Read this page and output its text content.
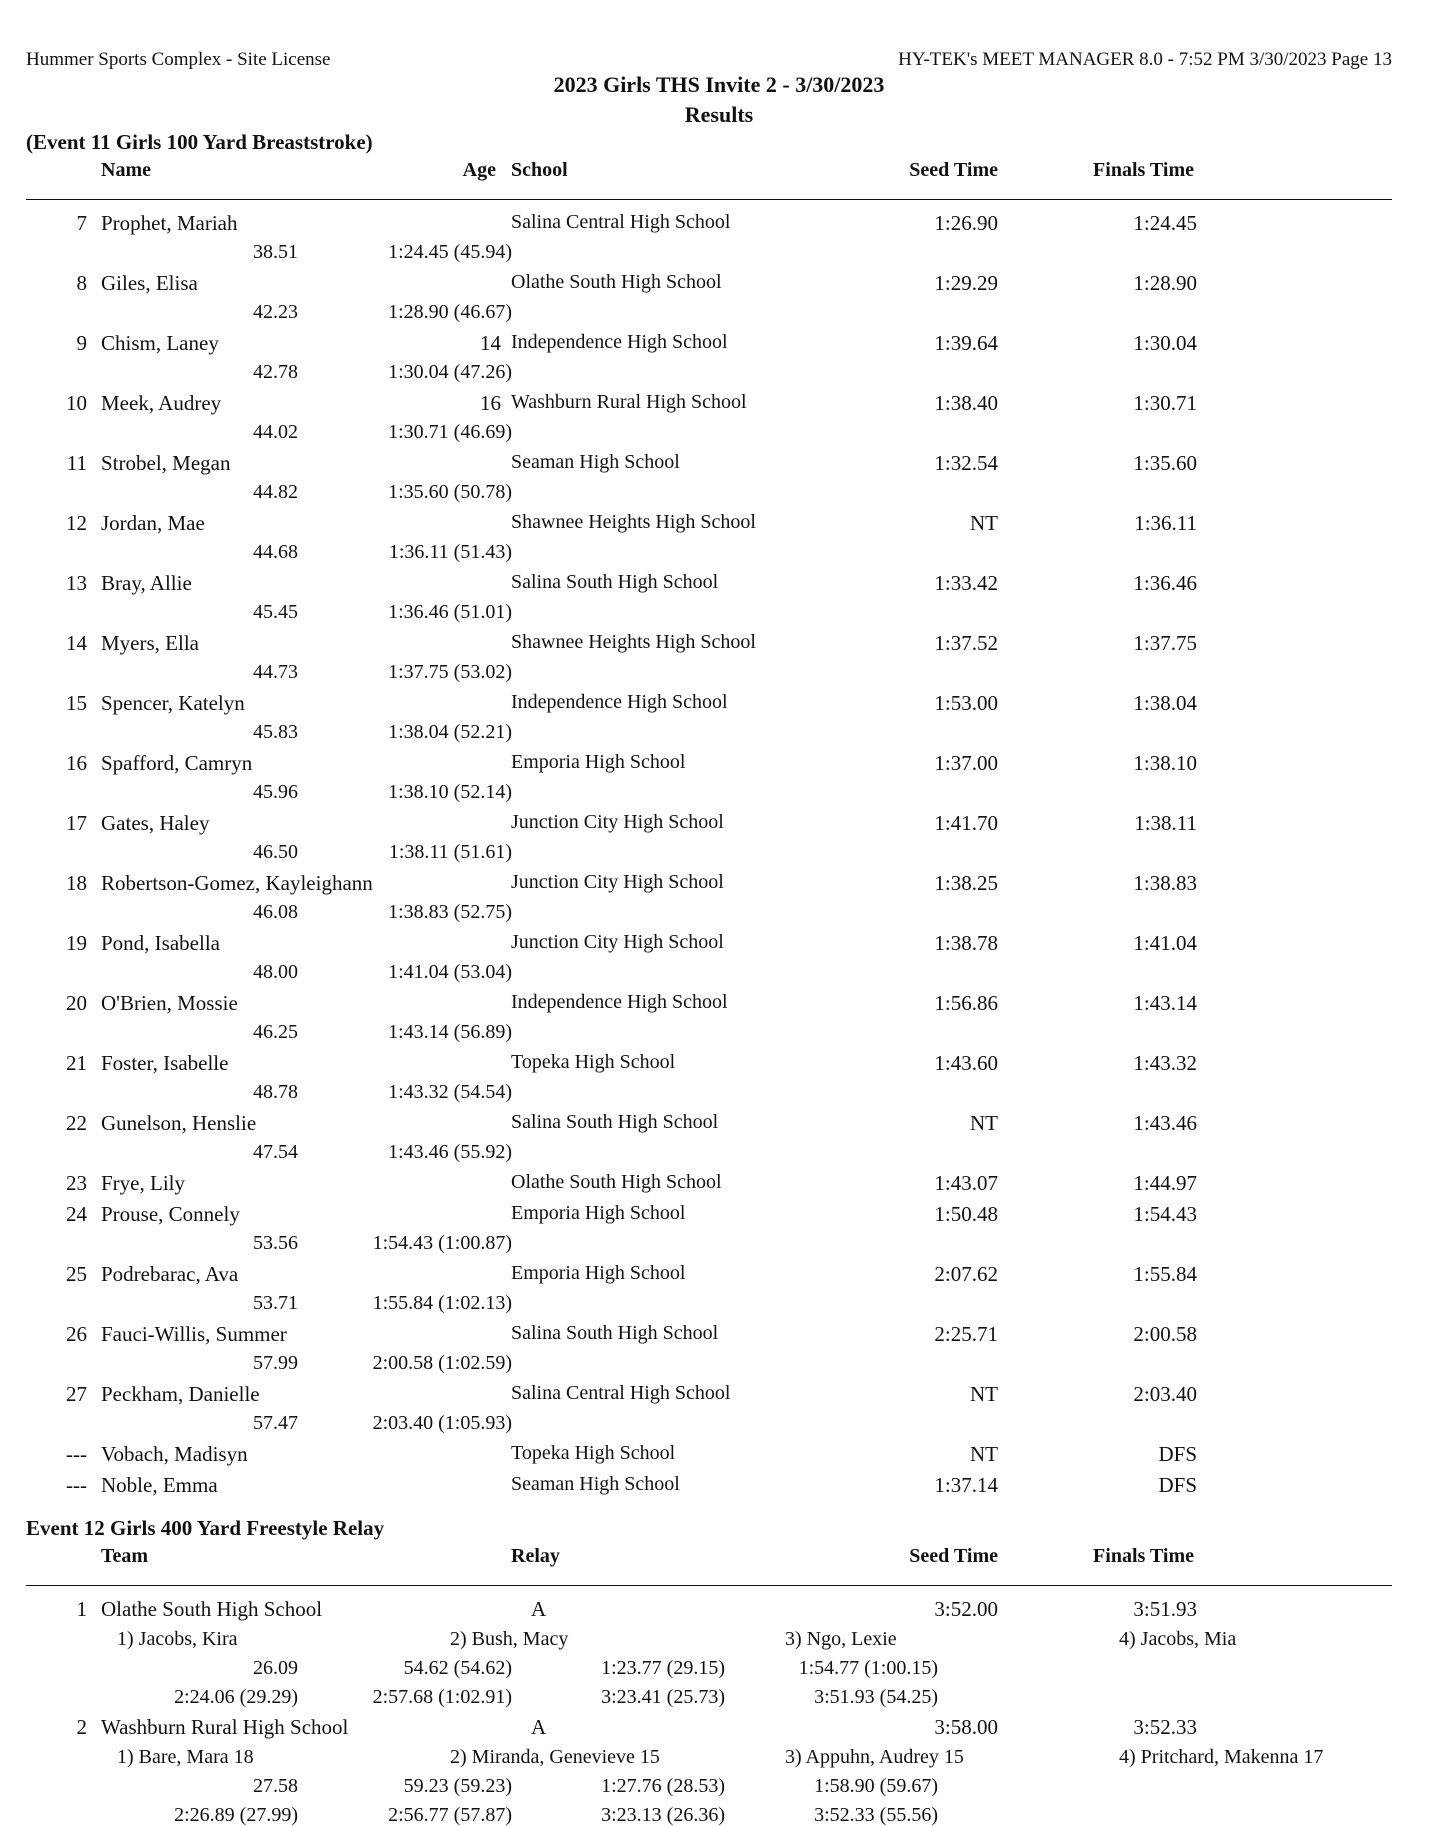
Hummer Sports Complex - Site License	HY-TEK's MEET MANAGER 8.0 - 7:52 PM 3/30/2023 Page 13
2023 Girls THS Invite 2 - 3/30/2023
Results
(Event 11 Girls 100 Yard Breaststroke)
Name	Age School	Seed Time	Finals Time
7 Prophet, Mariah	Salina Central High School	1:26.90	1:24.45
38.51	1:24.45 (45.94)
8 Giles, Elisa	Olathe South High School	1:29.29	1:28.90
42.23	1:28.90 (46.67)
9 Chism, Laney	14 Independence High School	1:39.64	1:30.04
42.78	1:30.04 (47.26)
10 Meek, Audrey	16 Washburn Rural High School	1:38.40	1:30.71
44.02	1:30.71 (46.69)
11 Strobel, Megan	Seaman High School	1:32.54	1:35.60
44.82	1:35.60 (50.78)
12 Jordan, Mae	Shawnee Heights High School	NT	1:36.11
44.68	1:36.11 (51.43)
13 Bray, Allie	Salina South High School	1:33.42	1:36.46
45.45	1:36.46 (51.01)
14 Myers, Ella	Shawnee Heights High School	1:37.52	1:37.75
44.73	1:37.75 (53.02)
15 Spencer, Katelyn	Independence High School	1:53.00	1:38.04
45.83	1:38.04 (52.21)
16 Spafford, Camryn	Emporia High School	1:37.00	1:38.10
45.96	1:38.10 (52.14)
17 Gates, Haley	Junction City High School	1:41.70	1:38.11
46.50	1:38.11 (51.61)
18 Robertson-Gomez, Kayleighann	Junction City High School	1:38.25	1:38.83
46.08	1:38.83 (52.75)
19 Pond, Isabella	Junction City High School	1:38.78	1:41.04
48.00	1:41.04 (53.04)
20 O'Brien, Mossie	Independence High School	1:56.86	1:43.14
46.25	1:43.14 (56.89)
21 Foster, Isabelle	Topeka High School	1:43.60	1:43.32
48.78	1:43.32 (54.54)
22 Gunelson, Henslie	Salina South High School	NT	1:43.46
47.54	1:43.46 (55.92)
23 Frye, Lily	Olathe South High School	1:43.07	1:44.97
24 Prouse, Connely	Emporia High School	1:50.48	1:54.43
53.56	1:54.43 (1:00.87)
25 Podrebarac, Ava	Emporia High School	2:07.62	1:55.84
53.71	1:55.84 (1:02.13)
26 Fauci-Willis, Summer	Salina South High School	2:25.71	2:00.58
57.99	2:00.58 (1:02.59)
27 Peckham, Danielle	Salina Central High School	NT	2:03.40
57.47	2:03.40 (1:05.93)
--- Vobach, Madisyn	Topeka High School	NT	DFS
--- Noble, Emma	Seaman High School	1:37.14	DFS
Event 12 Girls 400 Yard Freestyle Relay
Team	Relay	Seed Time	Finals Time
1 Olathe South High School	A	3:52.00	3:51.93
1) Jacobs, Kira	2) Bush, Macy	3) Ngo, Lexie	4) Jacobs, Mia
26.09	54.62 (54.62)	1:23.77 (29.15)	1:54.77 (1:00.15)
2:24.06 (29.29)	2:57.68 (1:02.91)	3:23.41 (25.73)	3:51.93 (54.25)
2 Washburn Rural High School	A	3:58.00	3:52.33
1) Bare, Mara 18	2) Miranda, Genevieve 15	3) Appuhn, Audrey 15	4) Pritchard, Makenna 17
27.58	59.23 (59.23)	1:27.76 (28.53)	1:58.90 (59.67)
2:26.89 (27.99)	2:56.77 (57.87)	3:23.13 (26.36)	3:52.33 (55.56)
